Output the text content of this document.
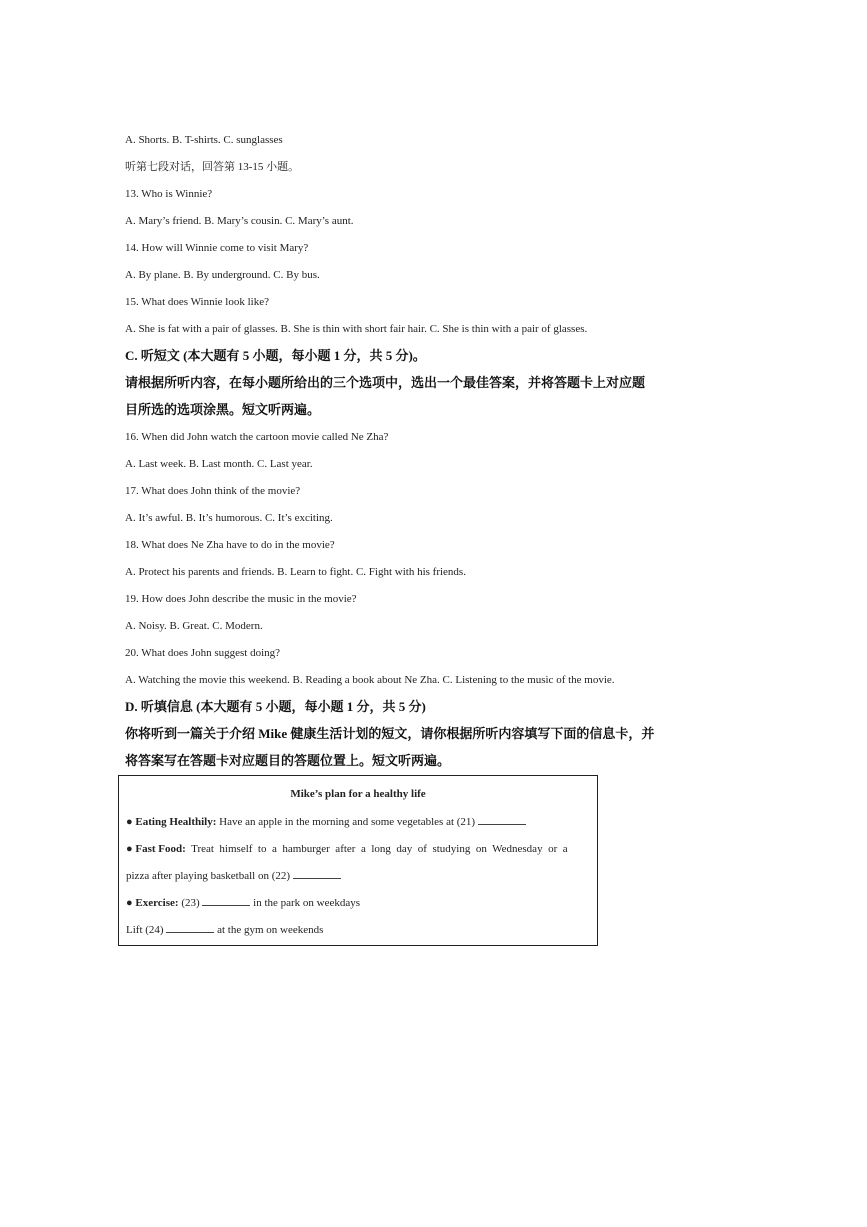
A. Shorts. B. T-shirts. C. sunglasses
听第七段对话，回答第 13-15 小题。
13. Who is Winnie?
A. Mary’s friend. B. Mary’s cousin. C. Mary’s aunt.
14. How will Winnie come to visit Mary?
A. By plane. B. By underground. C. By bus.
15. What does Winnie look like?
A. She is fat with a pair of glasses. B. She is thin with short fair hair. C. She is thin with a pair of glasses.
C. 听短文 (本大题有 5 小题，每小题 1 分，共 5 分)。
请根据所听内容，在每小题所给出的三个选项中，选出一个最佳答案，并将答题卡上对应题
目所选的选项涂黑。短文听两遍。
16. When did John watch the cartoon movie called Ne Zha?
A. Last week. B. Last month. C. Last year.
17. What does John think of the movie?
A. It’s awful. B. It’s humorous. C. It’s exciting.
18. What does Ne Zha have to do in the movie?
A. Protect his parents and friends. B. Learn to fight. C. Fight with his friends.
19. How does John describe the music in the movie?
A. Noisy. B. Great. C. Modern.
20. What does John suggest doing?
A. Watching the movie this weekend. B. Reading a book about Ne Zha. C. Listening to the music of the movie.
D. 听填信息 (本大题有 5 小题，每小题 1 分，共 5 分)
你将听到一篇关于介绍 Mike 健康生活计划的短文，请你根据所听内容填写下面的信息卡，并
将答案写在答题卡对应题目的答题位置上。短文听两遍。
Mike’s plan for a healthy life
● Eating Healthily: Have an apple in the morning and some vegetables at (21)
● Fast Food:  Treat  himself  to  a  hamburger  after  a  long  day  of  studying  on  Wednesday  or  a
pizza after playing basketball on (22)
● Exercise: (23)	in the park on weekdays
Lift (24)	at the gym on weekends
